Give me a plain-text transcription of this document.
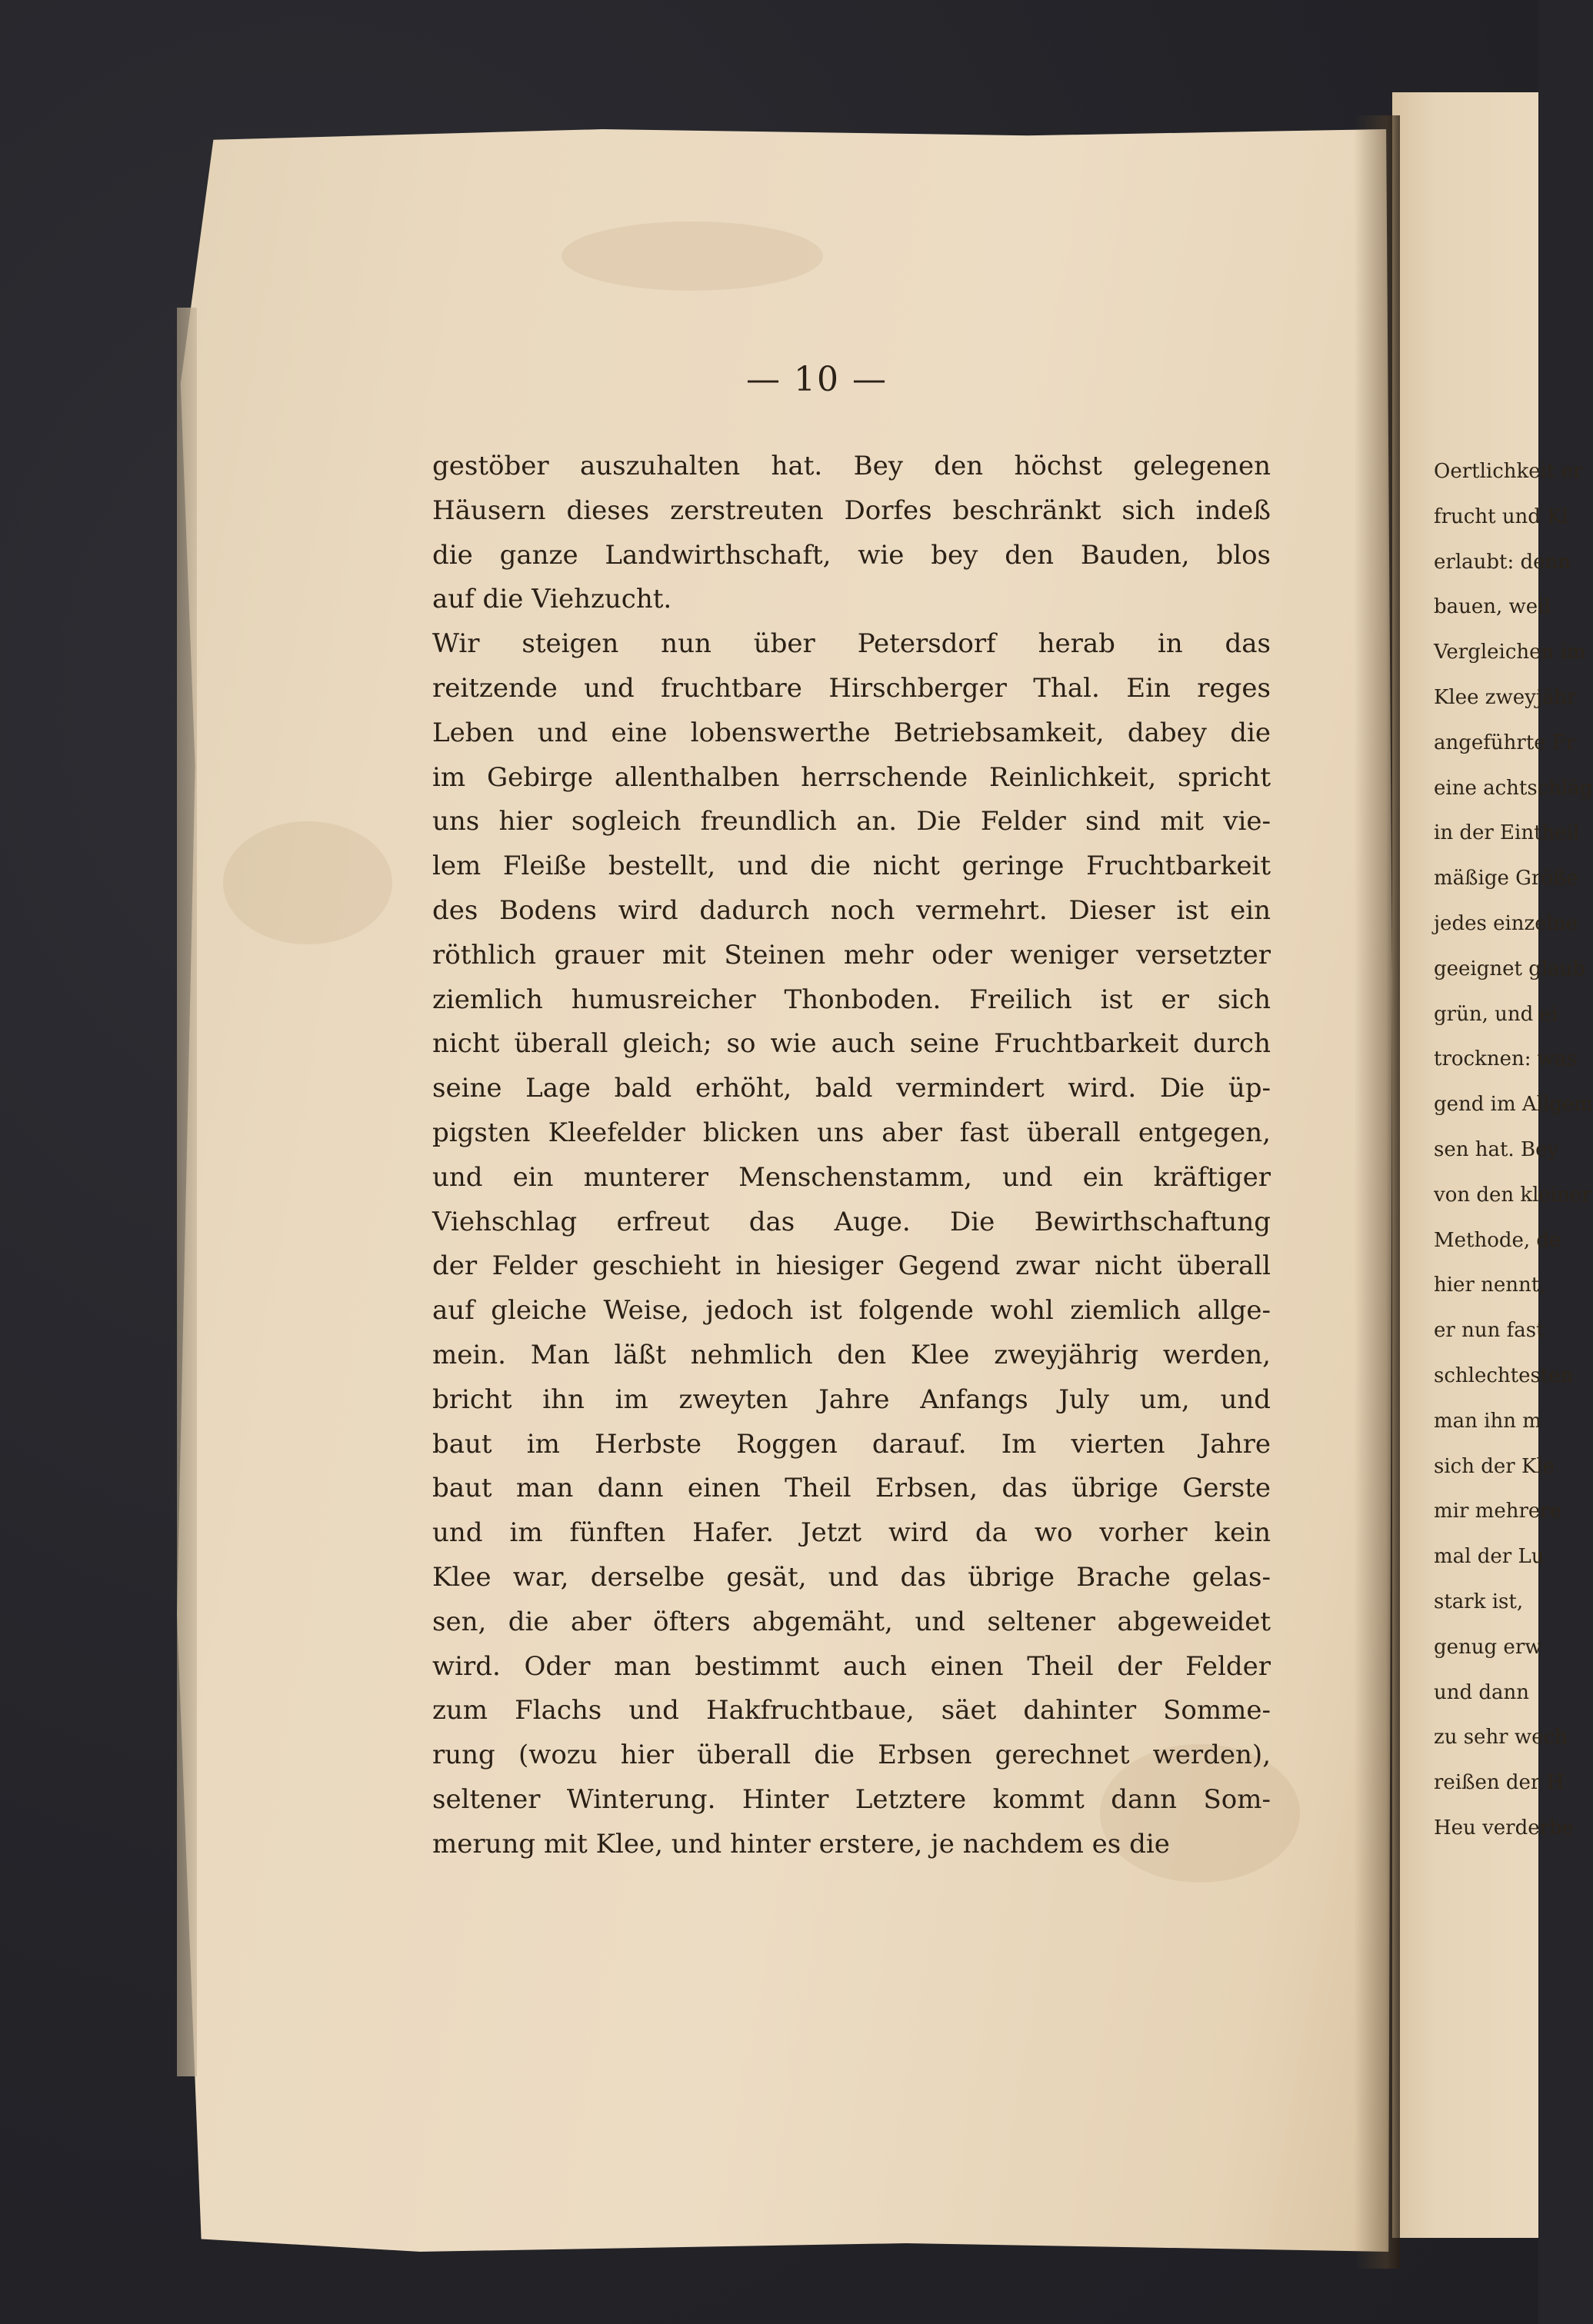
Oertlichkeit er
frucht und Kl
erlaubt: denn
bauen, weil
Vergleichen im
Klee zweyjähr
angeführte Fr
eine achtschläg
in der Eintheil
mäßige Größe
jedes einzelne
geeignet glaub
grün, und ei
trocknen: was
gend im Allgem
sen hat. Bey
von den kleiner
Methode, de
hier nennt,
er nun fast
schlechtesten
man ihn m
sich der Kle
mir mehrere
mal der Lu
stark ist,
genug erw
und dann
zu sehr wech
reißen der H
Heu verderbe
— 10 —
gestöber auszuhalten hat. Bey den höchst gelegenen
Häusern dieses zerstreuten Dorfes beschränkt sich indeß
die ganze Landwirthschaft, wie bey den Bauden, blos
auf die Viehzucht.
Wir steigen nun über Petersdorf herab in das
reitzende und fruchtbare Hirschberger Thal. Ein reges
Leben und eine lobenswerthe Betriebsamkeit, dabey die
im Gebirge allenthalben herrschende Reinlichkeit, spricht
uns hier sogleich freundlich an. Die Felder sind mit vie-
lem Fleiße bestellt, und die nicht geringe Fruchtbarkeit
des Bodens wird dadurch noch vermehrt. Dieser ist ein
röthlich grauer mit Steinen mehr oder weniger versetzter
ziemlich humusreicher Thonboden. Freilich ist er sich
nicht überall gleich; so wie auch seine Fruchtbarkeit durch
seine Lage bald erhöht, bald vermindert wird. Die üp-
pigsten Kleefelder blicken uns aber fast überall entgegen,
und ein munterer Menschenstamm, und ein kräftiger
Viehschlag erfreut das Auge. Die Bewirthschaftung
der Felder geschieht in hiesiger Gegend zwar nicht überall
auf gleiche Weise, jedoch ist folgende wohl ziemlich allge-
mein. Man läßt nehmlich den Klee zweyjährig werden,
bricht ihn im zweyten Jahre Anfangs July um, und
baut im Herbste Roggen darauf. Im vierten Jahre
baut man dann einen Theil Erbsen, das übrige Gerste
und im fünften Hafer. Jetzt wird da wo vorher kein
Klee war, derselbe gesät, und das übrige Brache gelas-
sen, die aber öfters abgemäht, und seltener abgeweidet
wird. Oder man bestimmt auch einen Theil der Felder
zum Flachs und Hakfruchtbaue, säet dahinter Somme-
rung (wozu hier überall die Erbsen gerechnet werden),
seltener Winterung. Hinter Letztere kommt dann Som-
merung mit Klee, und hinter erstere, je nachdem es die
